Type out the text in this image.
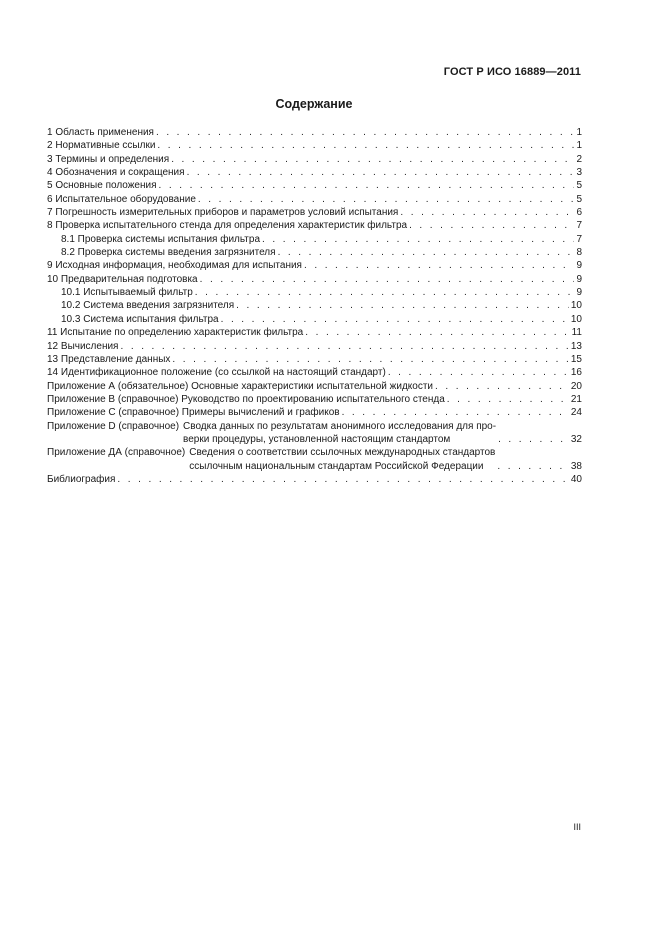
ГОСТ Р ИСО 16889—2011
Содержание
1 Область применения . . .	1
2 Нормативные ссылки . . .	1
3 Термины и определения . . .	2
4 Обозначения и сокращения . . .	3
5 Основные положения . . .	5
6 Испытательное оборудование . . .	5
7 Погрешность измерительных приборов и параметров условий испытания . . .	6
8 Проверка испытательного стенда для определения характеристик фильтра . . .	7
8.1 Проверка системы испытания фильтра . . .	7
8.2 Проверка системы введения загрязнителя . . .	8
9 Исходная информация, необходимая для испытания . . .	9
10 Предварительная подготовка . . .	9
10.1 Испытываемый фильтр . . .	9
10.2 Система введения загрязнителя . . .	10
10.3 Система испытания фильтра . . .	10
11 Испытание по определению характеристик фильтра . . .	11
12 Вычисления . . .	13
13 Представление данных . . .	15
14 Идентификационное положение (со ссылкой на настоящий стандарт) . . .	16
Приложение А (обязательное) Основные характеристики испытательной жидкости . . .	20
Приложение В (справочное) Руководство по проектированию испытательного стенда . . .	21
Приложение С (справочное) Примеры вычислений и графиков . . .	24
Приложение D (справочное) Сводка данных по результатам анонимного исследования для про-
верки процедуры, установленной настоящим стандартом . . .	32
Приложение ДА (справочное) Сведения о соответствии ссылочных международных стандартов
ссылочным национальным стандартам Российской Федерации . . .	38
Библиография . . .	40
III
